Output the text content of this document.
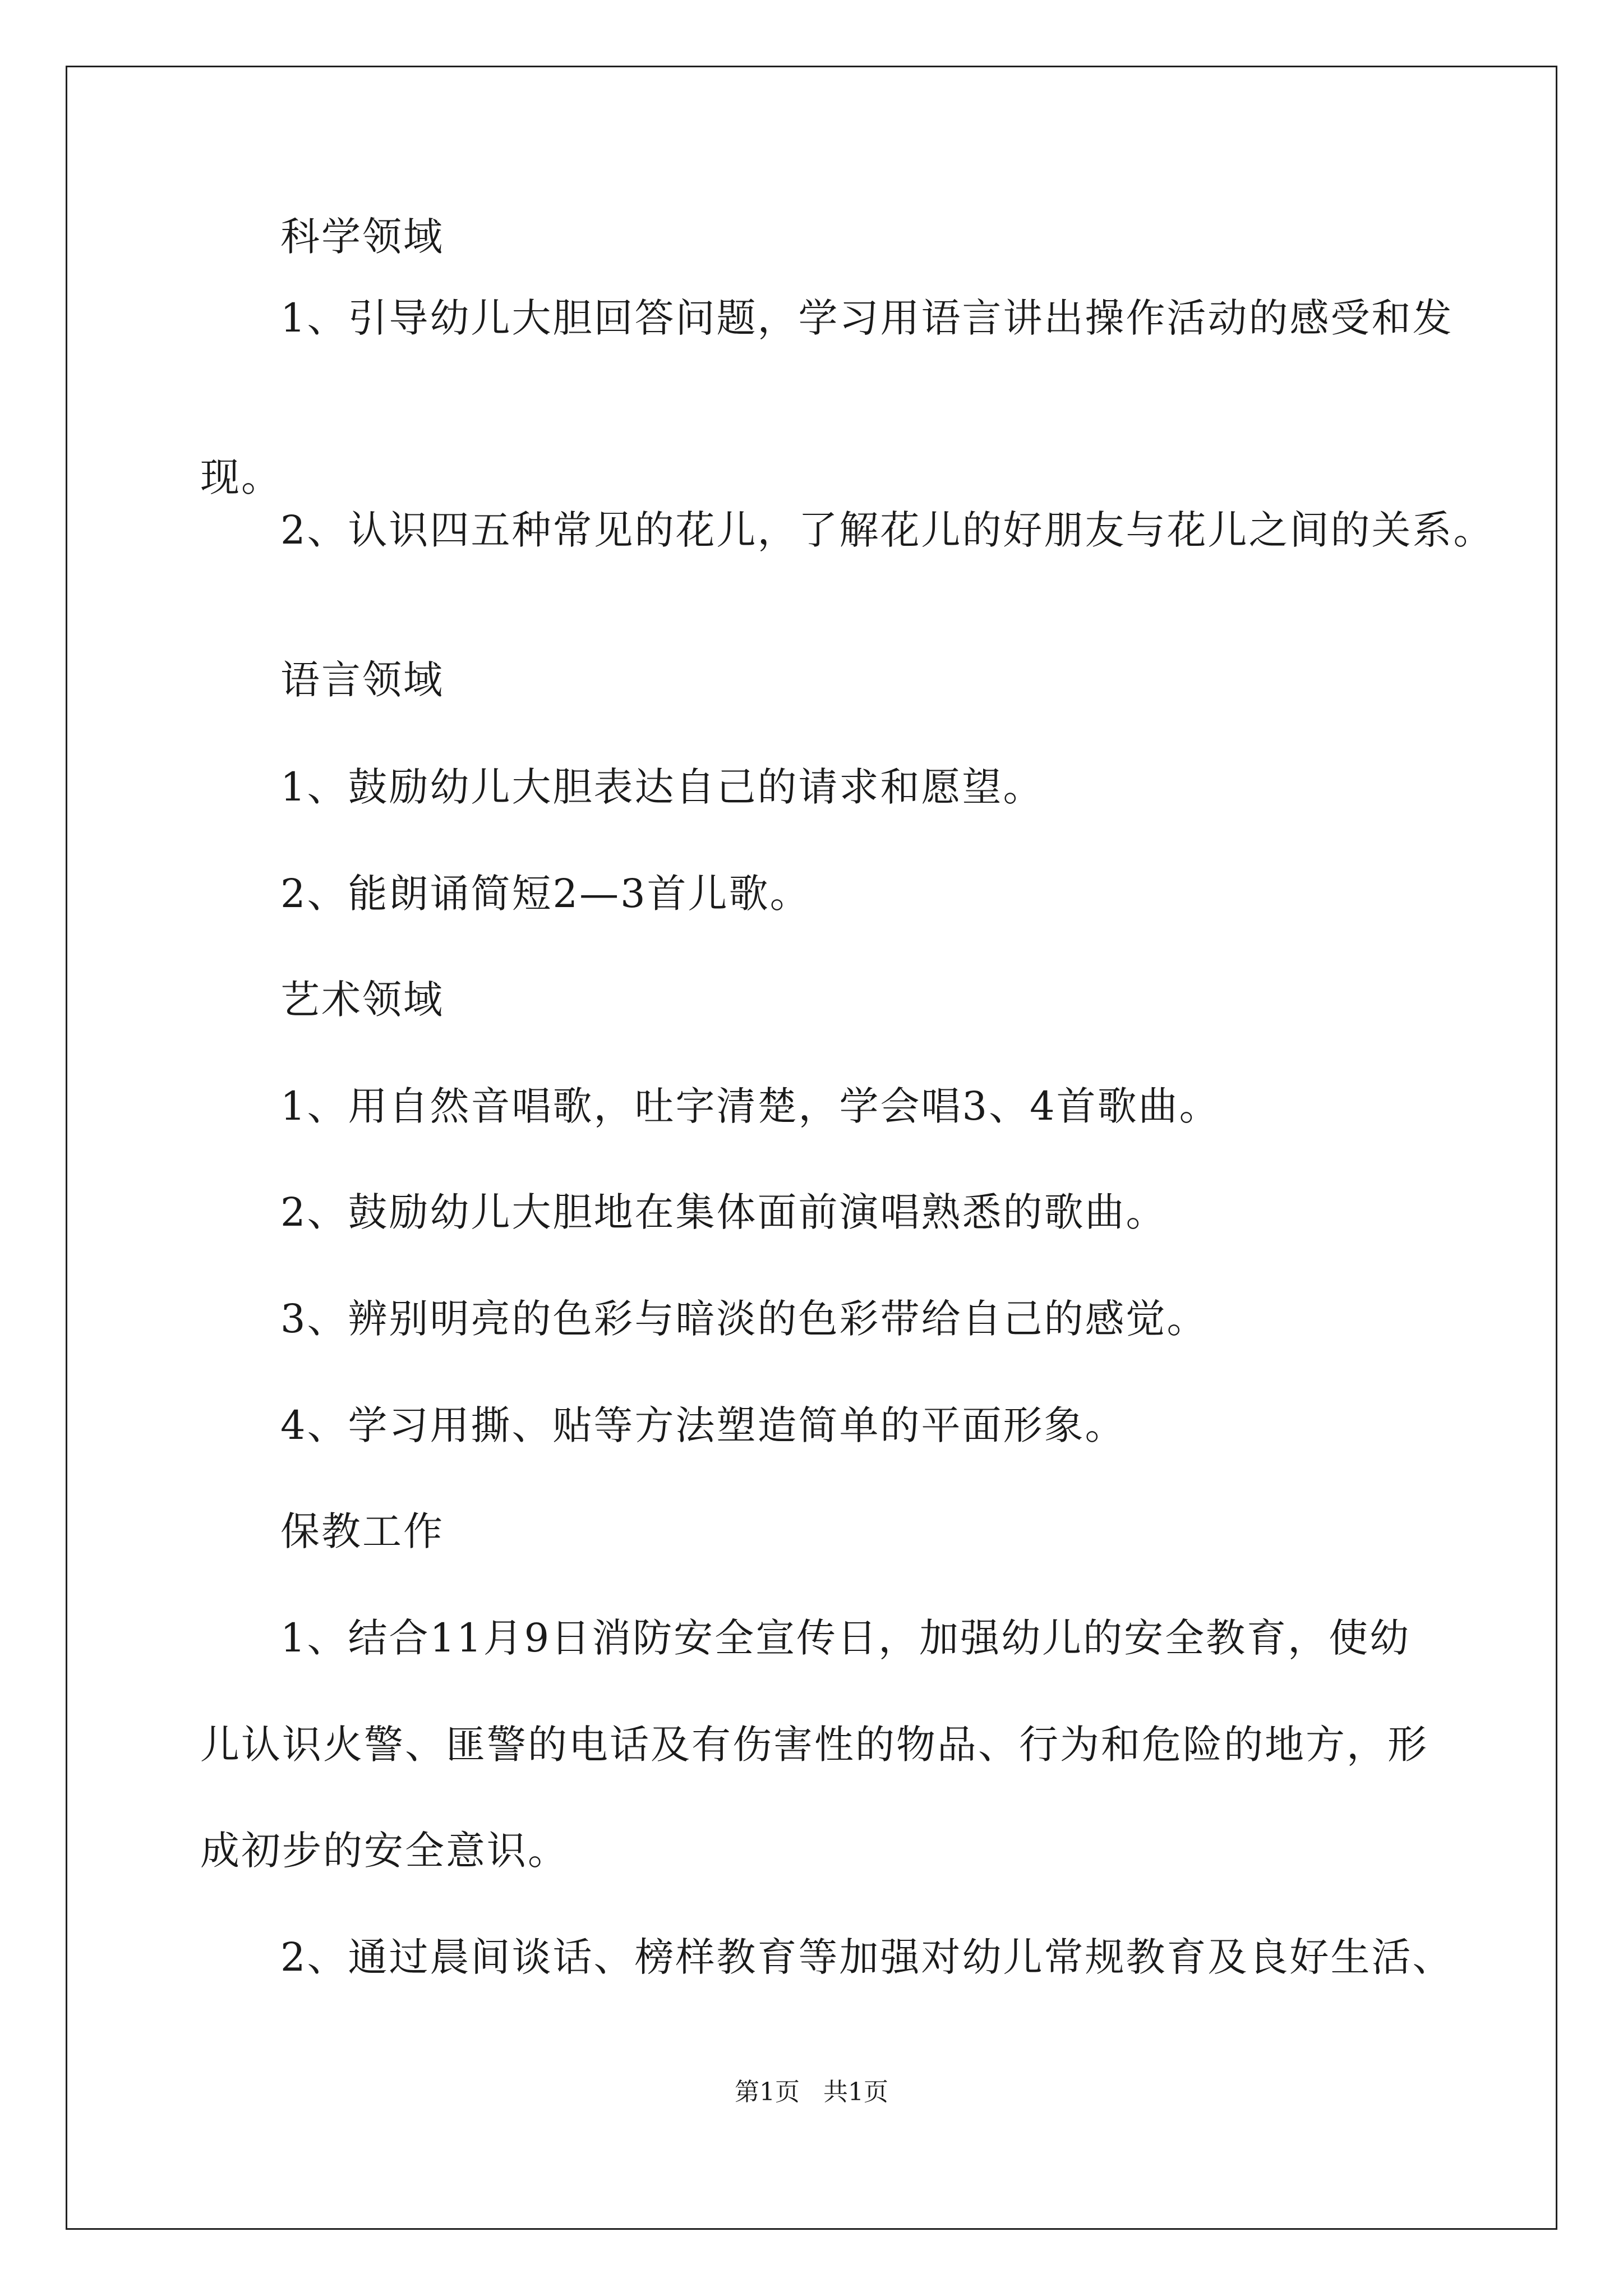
科学领域
1、引导幼儿大胆回答问题，学习用语言讲出操作活动的感受和发
现。
2、认识四五种常见的花儿，了解花儿的好朋友与花儿之间的关系。
语言领域
1、鼓励幼儿大胆表达自己的请求和愿望。
2、能朗诵简短2—3首儿歌。
艺术领域
1、用自然音唱歌，吐字清楚，学会唱3、4首歌曲。
2、鼓励幼儿大胆地在集体面前演唱熟悉的歌曲。
3、辨别明亮的色彩与暗淡的色彩带给自己的感觉。
4、学习用撕、贴等方法塑造简单的平面形象。
保教工作
1、结合11月9日消防安全宣传日，加强幼儿的安全教育，使幼
儿认识火警、匪警的电话及有伤害性的物品、行为和危险的地方，形
成初步的安全意识。
2、通过晨间谈话、榜样教育等加强对幼儿常规教育及良好生活、
第1页   共1页
